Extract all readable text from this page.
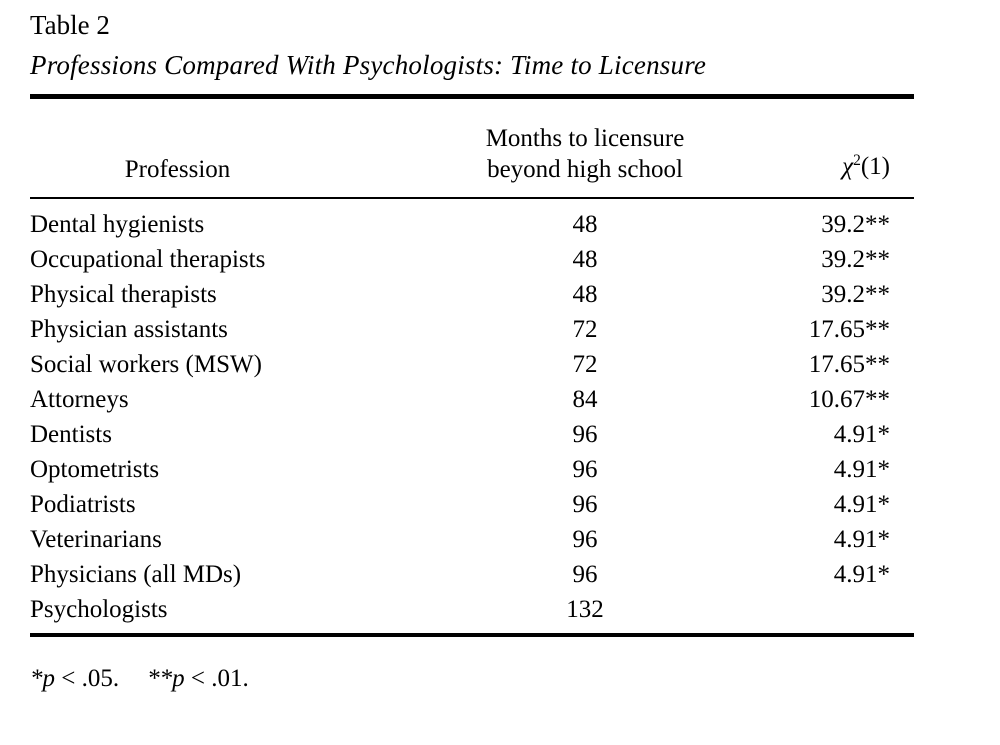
Table 2
Professions Compared With Psychologists: Time to Licensure
Profession
Months to licensure
beyond high school	$\chi^2(1)$
Dental hygienists	48	39.2**
Occupational therapists	48	39.2**
Physical therapists	48	39.2**
Physician assistants	72	17.65**
Social workers (MSW)	72	17.65**
Attorneys	84	10.67**
Dentists	96	4.91*
Optometrists	96	4.91*
Podiatrists	96	4.91*
Veterinarians	96	4.91*
Physicians (all MDs)	96	4.91*
Psychologists	132
*p < .05. **p < .01.
